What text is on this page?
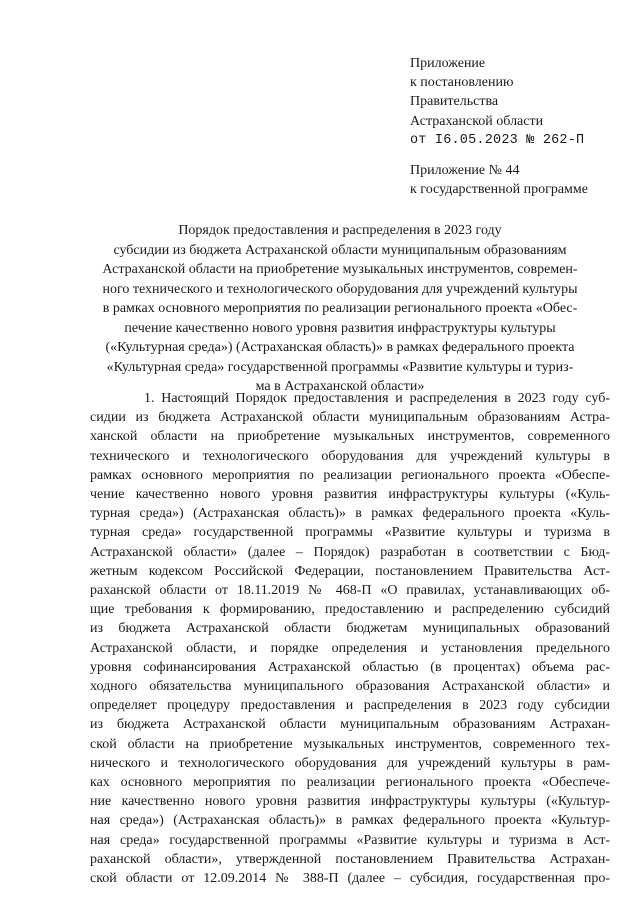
Приложение
к постановлению
Правительства
Астраханской области
от I6.05.2023 № 262-П
Приложение № 44
к государственной программе
Порядок предоставления и распределения в 2023 году
субсидии из бюджета Астраханской области муниципальным образованиям
Астраханской области на приобретение музыкальных инструментов, современ-
ного технического и технологического оборудования для учреждений культуры
в рамках основного мероприятия по реализации регионального проекта «Обес-
печение качественно нового уровня развития инфраструктуры культуры
(«Культурная среда») (Астраханская область)» в рамках федерального проекта
«Культурная среда» государственной программы «Развитие культуры и туриз-
ма в Астраханской области»
1. Настоящий Порядок предоставления и распределения в 2023 году суб-
сидии из бюджета Астраханской области муниципальным образованиям Астра-
ханской области на приобретение музыкальных инструментов, современного
технического и технологического оборудования для учреждений культуры в
рамках основного мероприятия по реализации регионального проекта «Обеспе-
чение качественно нового уровня развития инфраструктуры культуры («Куль-
турная среда») (Астраханская область)» в рамках федерального проекта «Куль-
турная среда» государственной программы «Развитие культуры и туризма в
Астраханской области» (далее – Порядок) разработан в соответствии с Бюд-
жетным кодексом Российской Федерации, постановлением Правительства Аст-
раханской области от 18.11.2019 № 468-П «О правилах, устанавливающих об-
щие требования к формированию, предоставлению и распределению субсидий
из бюджета Астраханской области бюджетам муниципальных образований
Астраханской области, и порядке определения и установления предельного
уровня софинансирования Астраханской областью (в процентах) объема рас-
ходного обязательства муниципального образования Астраханской области» и
определяет процедуру предоставления и распределения в 2023 году субсидии
из бюджета Астраханской области муниципальным образованиям Астрахан-
ской области на приобретение музыкальных инструментов, современного тех-
нического и технологического оборудования для учреждений культуры в рам-
ках основного мероприятия по реализации регионального проекта «Обеспече-
ние качественно нового уровня развития инфраструктуры культуры («Культур-
ная среда») (Астраханская область)» в рамках федерального проекта «Культур-
ная среда» государственной программы «Развитие культуры и туризма в Аст-
раханской области», утвержденной постановлением Правительства Астрахан-
ской области от 12.09.2014 № 388-П (далее – субсидия, государственная про-
